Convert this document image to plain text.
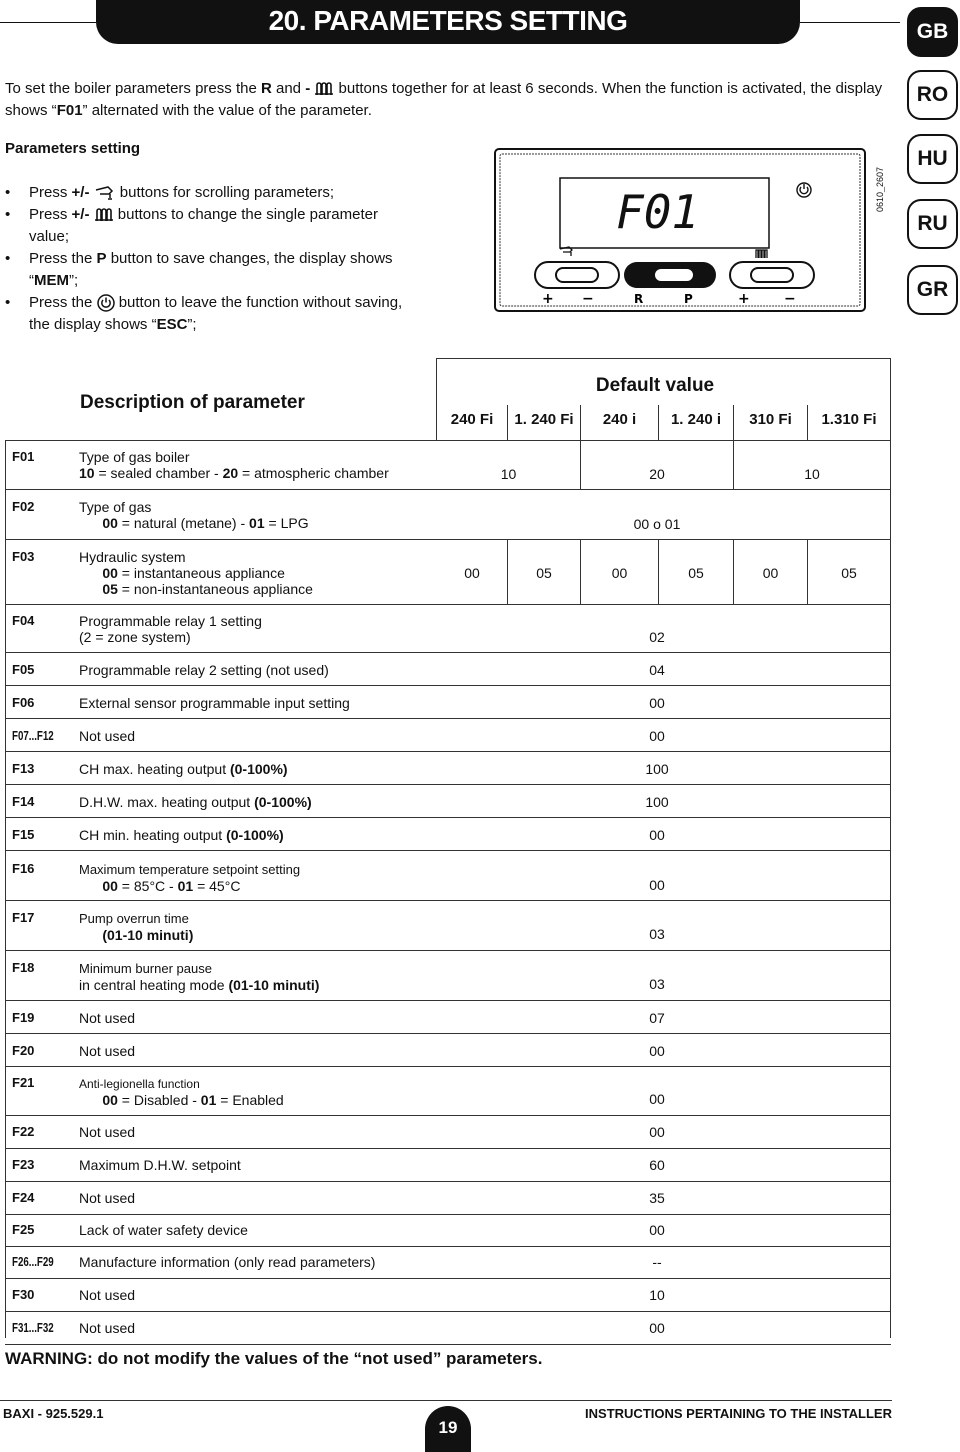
20. PARAMETERS SETTING	GB
RO
HU
RU
GR

To set the boiler parameters press the R and -  buttons together for at least 6 seconds. When the function is activated, the display shows “F01” alternated with the value of the parameter.

Parameters setting
• Press +/-  buttons for scrolling parameters;
• Press +/-  buttons to change the single parameter value;
• Press the P button to save changes, the display shows “MEM”;
• Press the  button to leave the function without saving, the display shows “ESC”;
F01
+ −	R	P	+ −
0610_2607
Description of parameter
Default value
240 Fi	1. 240 Fi	240 i	1. 240 i	310 Fi	1.310 Fi
F01	Type of gas boiler
10 = sealed chamber - 20 = atmospheric chamber	10	20	10
F02	Type of gas
00 = natural (metane) - 01 = LPG	00 o 01
F03	Hydraulic system
00 = instantaneous appliance
05 = non-instantaneous appliance
00	05	00	05	00	05
F04	Programmable relay 1 setting
(2 = zone system)	02
F05	Programmable relay 2 setting (not used)	04
F06	External sensor programmable input setting	00
F07...F12 Not used	00
F13	CH max. heating output (0-100%)	100
F14	D.H.W. max. heating output (0-100%)	100
F15	CH min. heating output (0-100%)	00
F16	Maximum temperature setpoint setting
00 = 85°C - 01 = 45°C	00
F17	Pump overrun time
(01-10 minuti)	03
F18	Minimum burner pause
in central heating mode (01-10 minuti)	03
F19	Not used	07
F20	Not used	00
F21	Anti-legionella function
00 = Disabled - 01 = Enabled	00
F22	Not used	00
F23	Maximum D.H.W. setpoint	60
F24	Not used	35
F25	Lack of water safety device	00
F26...F29 Manufacture information (only read parameters)	--
F30	Not used	10
F31...F32 Not used	00
WARNING: do not modify the values of the “not used” parameters.
BAXI - 925.529.1
19
INSTRUCTIONS PERTAINING TO THE INSTALLER
